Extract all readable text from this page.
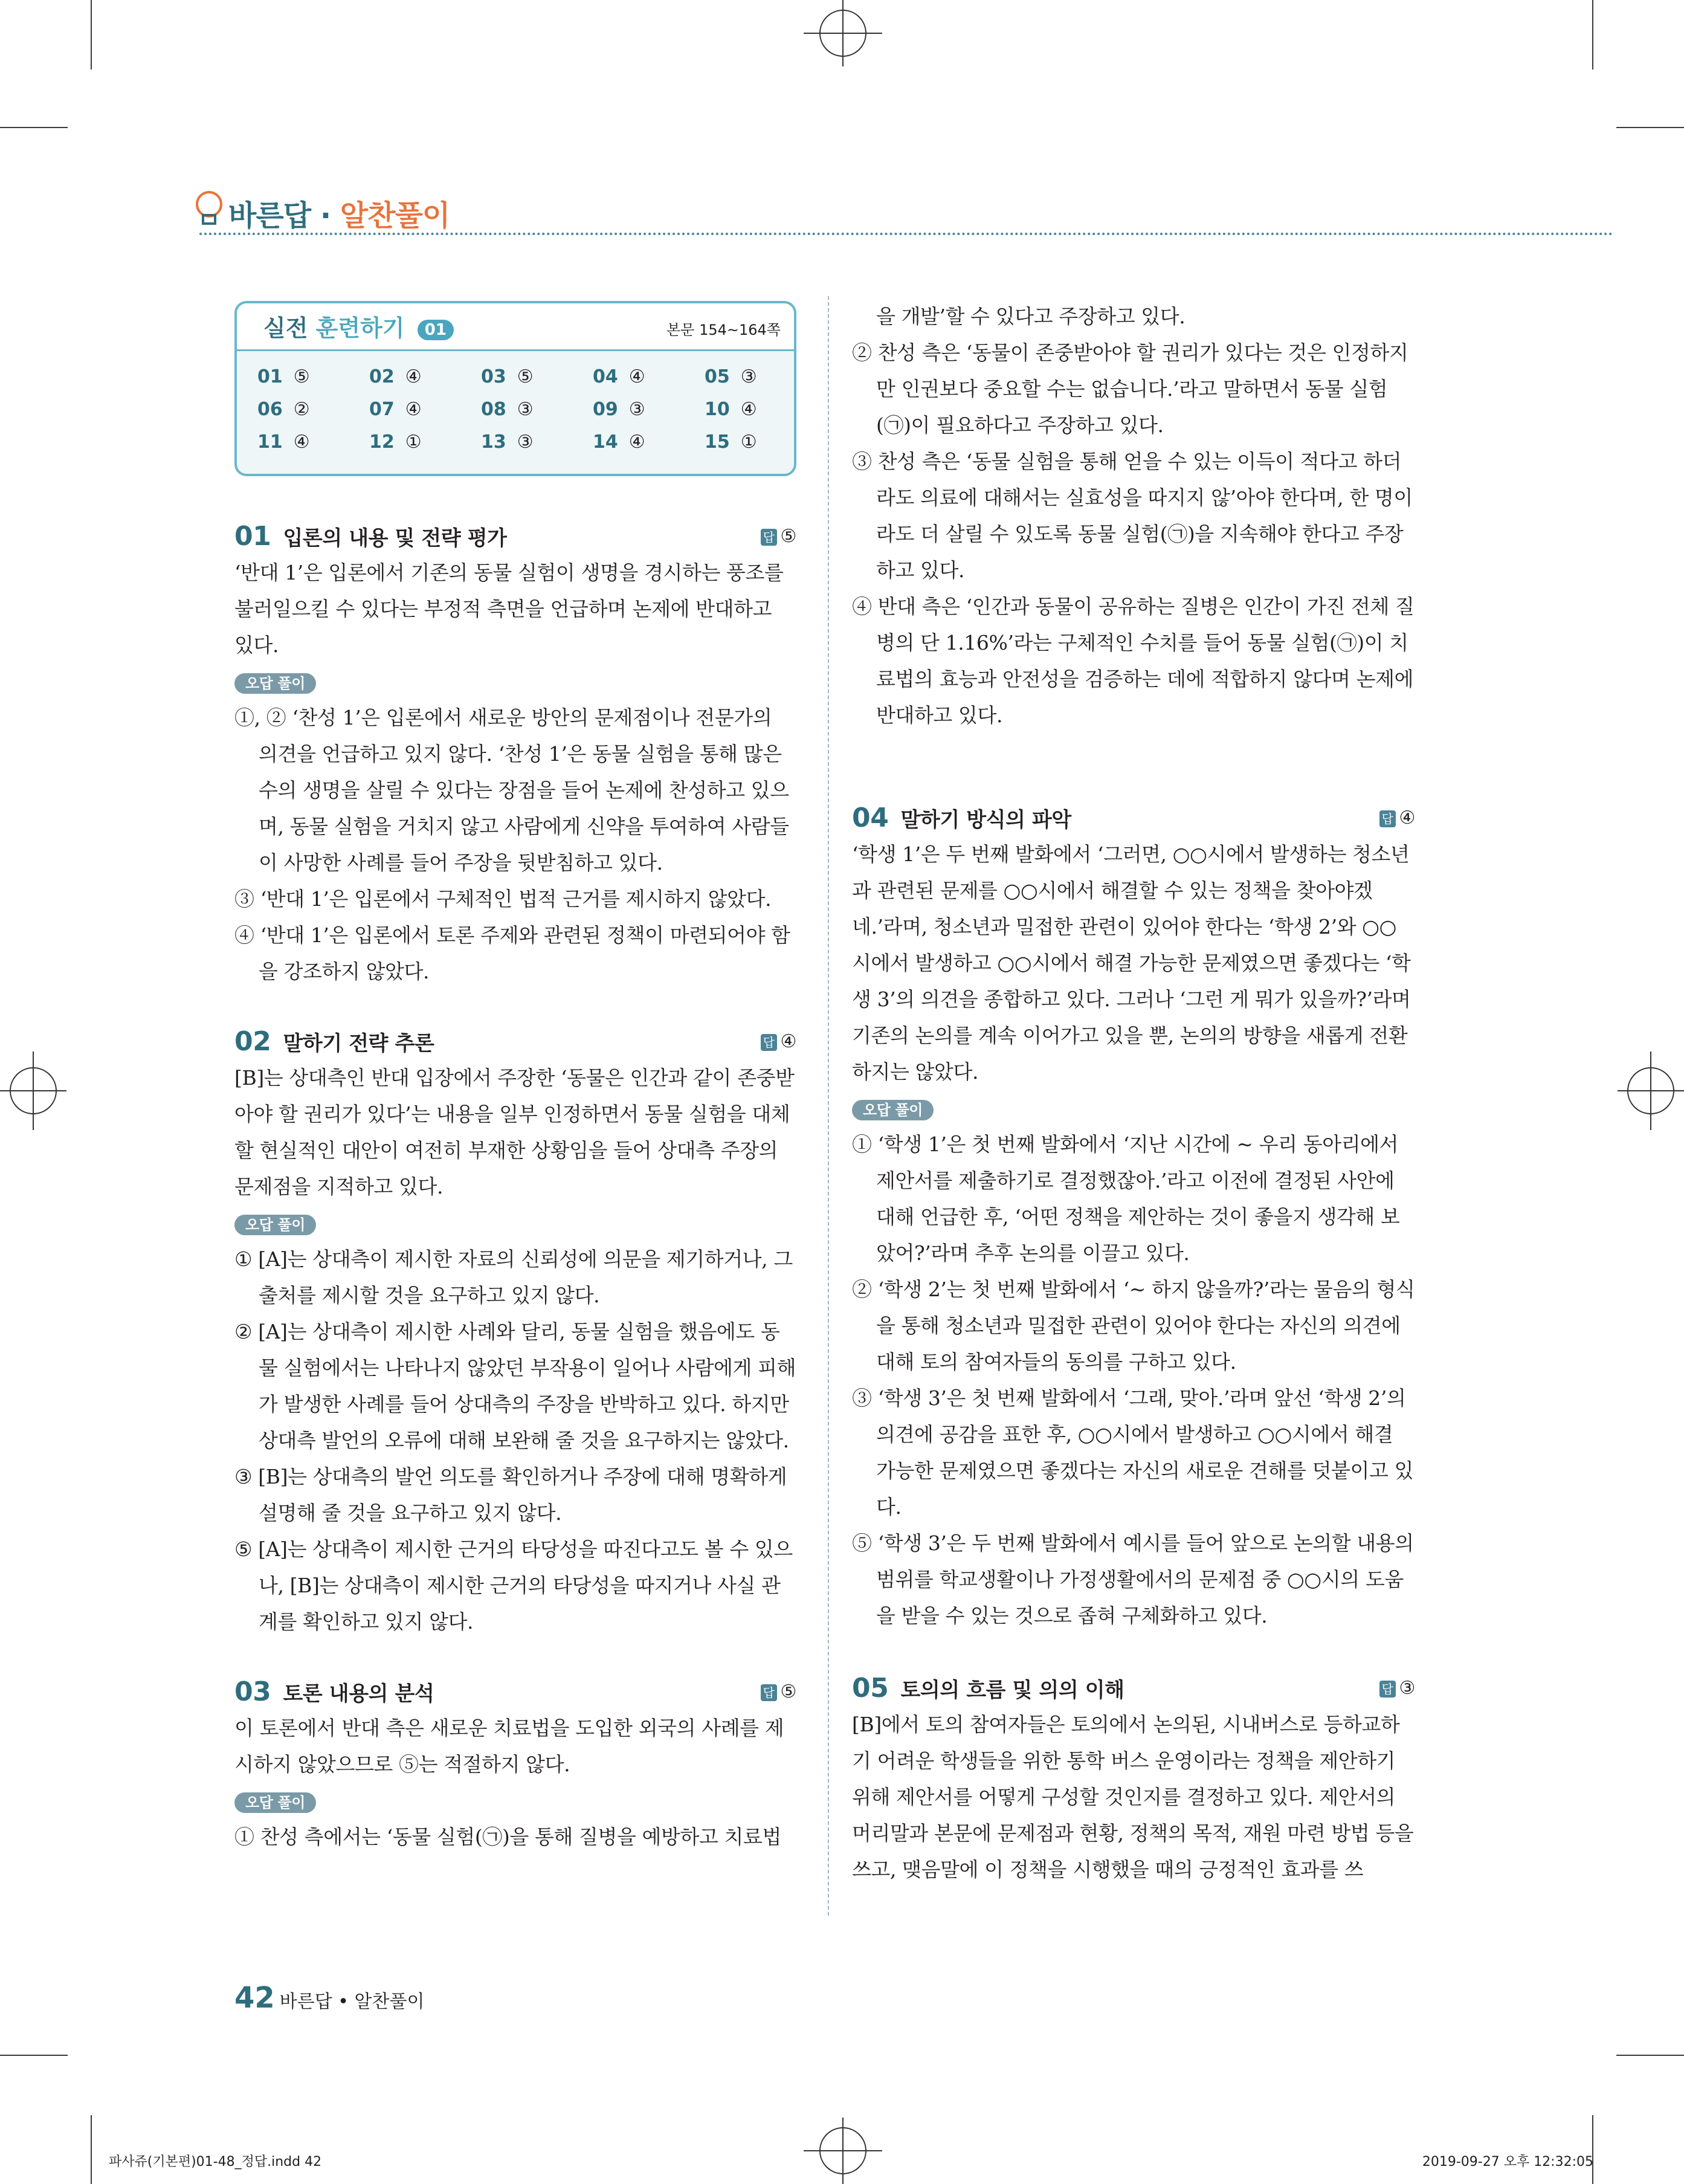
바른답 · 알찬풀이
실전 훈련하기 01	본문 154~164쪽
01 ⑤	02 ④	03 ⑤	04 ④	05 ③
06 ②	07 ④	08 ③	09 ③	10 ④
11 ④	12 ①	13 ③	14 ④	15 ①
01 입론의 내용 및 전략 평가	답 ⑤

‘반대 1’은 입론에서 기존의 동물 실험이 생명을 경시하는 풍조를 불러일으킬 수 있다는 부정적 측면을 언급하며 논제에 반대하고 있다.

오답 풀이

①, ② ‘찬성 1’은 입론에서 새로운 방안의 문제점이나 전문가의 의견을 언급하고 있지 않다. ‘찬성 1’은 동물 실험을 통해 많은 수의 생명을 살릴 수 있다는 장점을 들어 논제에 찬성하고 있으며, 동물 실험을 거치지 않고 사람에게 신약을 투여하여 사람들이 사망한 사례를 들어 주장을 뒷받침하고 있다.

③ ‘반대 1’은 입론에서 구체적인 법적 근거를 제시하지 않았다.

④ ‘반대 1’은 입론에서 토론 주제와 관련된 정책이 마련되어야 함을 강조하지 않았다.

02 말하기 전략 추론	답 ④

[B]는 상대측인 반대 입장에서 주장한 ‘동물은 인간과 같이 존중받아야 할 권리가 있다’는 내용을 일부 인정하면서 동물 실험을 대체할 현실적인 대안이 여전히 부재한 상황임을 들어 상대측 주장의 문제점을 지적하고 있다.

오답 풀이

① [A]는 상대측이 제시한 자료의 신뢰성에 의문을 제기하거나, 그 출처를 제시할 것을 요구하고 있지 않다.

② [A]는 상대측이 제시한 사례와 달리, 동물 실험을 했음에도 동물 실험에서는 나타나지 않았던 부작용이 일어나 사람에게 피해가 발생한 사례를 들어 상대측의 주장을 반박하고 있다. 하지만 상대측 발언의 오류에 대해 보완해 줄 것을 요구하지는 않았다.

③ [B]는 상대측의 발언 의도를 확인하거나 주장에 대해 명확하게 설명해 줄 것을 요구하고 있지 않다.

⑤ [A]는 상대측이 제시한 근거의 타당성을 따진다고도 볼 수 있으나, [B]는 상대측이 제시한 근거의 타당성을 따지거나 사실 관계를 확인하고 있지 않다.

03 토론 내용의 분석	답 ⑤

이 토론에서 반대 측은 새로운 치료법을 도입한 외국의 사례를 제시하지 않았으므로 ⑤는 적절하지 않다.

오답 풀이

① 찬성 측에서는 ‘동물 실험(㉠)을 통해 질병을 예방하고 치료법

을 개발’할 수 있다고 주장하고 있다.

② 찬성 측은 ‘동물이 존중받아야 할 권리가 있다는 것은 인정하지만 인권보다 중요할 수는 없습니다.’라고 말하면서 동물 실험(㉠)이 필요하다고 주장하고 있다.

③ 찬성 측은 ‘동물 실험을 통해 얻을 수 있는 이득이 적다고 하더라도 의료에 대해서는 실효성을 따지지 않’아야 한다며, 한 명이라도 더 살릴 수 있도록 동물 실험(㉠)을 지속해야 한다고 주장하고 있다.

④ 반대 측은 ‘인간과 동물이 공유하는 질병은 인간이 가진 전체 질병의 단 1.16%’라는 구체적인 수치를 들어 동물 실험(㉠)이 치료법의 효능과 안전성을 검증하는 데에 적합하지 않다며 논제에 반대하고 있다.

04 말하기 방식의 파악	답 ④

‘학생 1’은 두 번째 발화에서 ‘그러면, ○○시에서 발생하는 청소년과 관련된 문제를 ○○시에서 해결할 수 있는 정책을 찾아야겠네.’라며, 청소년과 밀접한 관련이 있어야 한다는 ‘학생 2’와 ○○시에서 발생하고 ○○시에서 해결 가능한 문제였으면 좋겠다는 ‘학생 3’의 의견을 종합하고 있다. 그러나 ‘그런 게 뭐가 있을까?’라며 기존의 논의를 계속 이어가고 있을 뿐, 논의의 방향을 새롭게 전환하지는 않았다.

오답 풀이

① ‘학생 1’은 첫 번째 발화에서 ‘지난 시간에 ~ 우리 동아리에서 제안서를 제출하기로 결정했잖아.’라고 이전에 결정된 사안에 대해 언급한 후, ‘어떤 정책을 제안하는 것이 좋을지 생각해 보았어?’라며 추후 논의를 이끌고 있다.

② ‘학생 2’는 첫 번째 발화에서 ‘~ 하지 않을까?’라는 물음의 형식을 통해 청소년과 밀접한 관련이 있어야 한다는 자신의 의견에 대해 토의 참여자들의 동의를 구하고 있다.

③ ‘학생 3’은 첫 번째 발화에서 ‘그래, 맞아.’라며 앞선 ‘학생 2’의 의견에 공감을 표한 후, ○○시에서 발생하고 ○○시에서 해결 가능한 문제였으면 좋겠다는 자신의 새로운 견해를 덧붙이고 있다.

⑤ ‘학생 3’은 두 번째 발화에서 예시를 들어 앞으로 논의할 내용의 범위를 학교생활이나 가정생활에서의 문제점 중 ○○시의 도움을 받을 수 있는 것으로 좁혀 구체화하고 있다.

05 토의의 흐름 및 의의 이해	답 ③

[B]에서 토의 참여자들은 토의에서 논의된, 시내버스로 등하교하기 어려운 학생들을 위한 통학 버스 운영이라는 정책을 제안하기 위해 제안서를 어떻게 구성할 것인지를 결정하고 있다. 제안서의 머리말과 본문에 문제점과 현황, 정책의 목적, 재원 마련 방법 등을 쓰고, 맺음말에 이 정책을 시행했을 때의 긍정적인 효과를 쓰

42 바른답 • 알찬풀이
파사쥬(기본편)01-48_정답.indd 42	2019-09-27 오후 12:32:05
